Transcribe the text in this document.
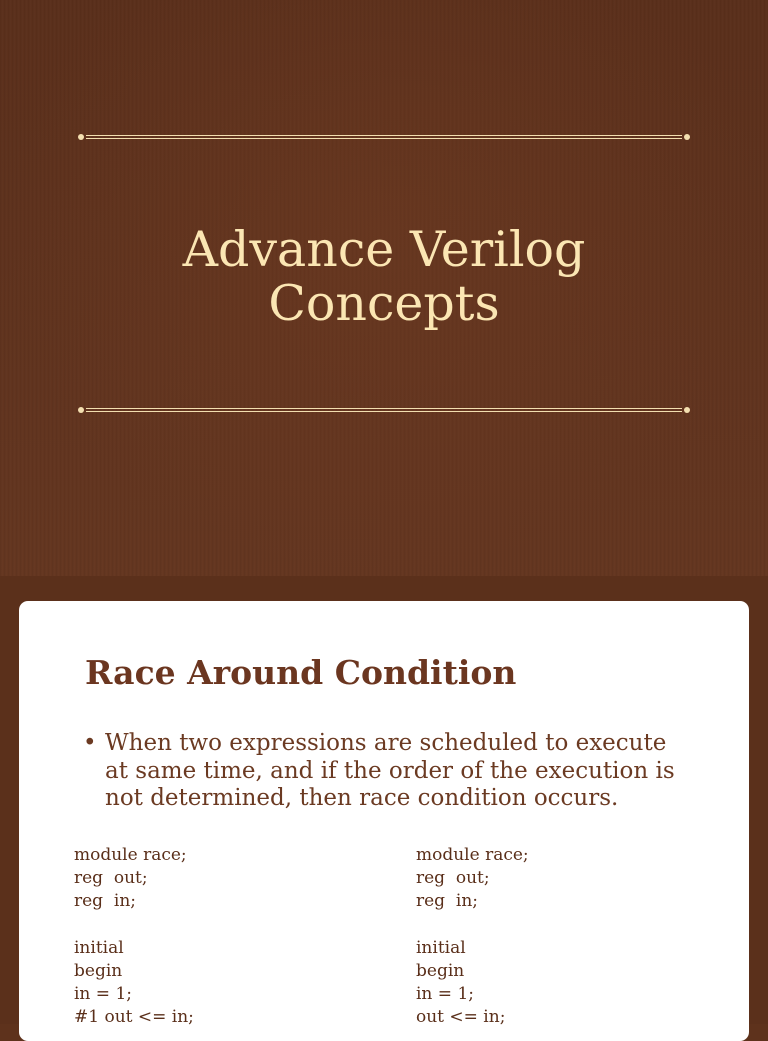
Advance Verilog
Concepts
Race Around Condition
• When two expressions are scheduled to execute at same time, and if the order of the execution is not determined, then race condition occurs.
module race;
reg  out;
reg  in;
initial
begin
in = 1;
#1 out <= in;
module race;
reg  out;
reg  in;
initial
begin
in = 1;
out <= in;
